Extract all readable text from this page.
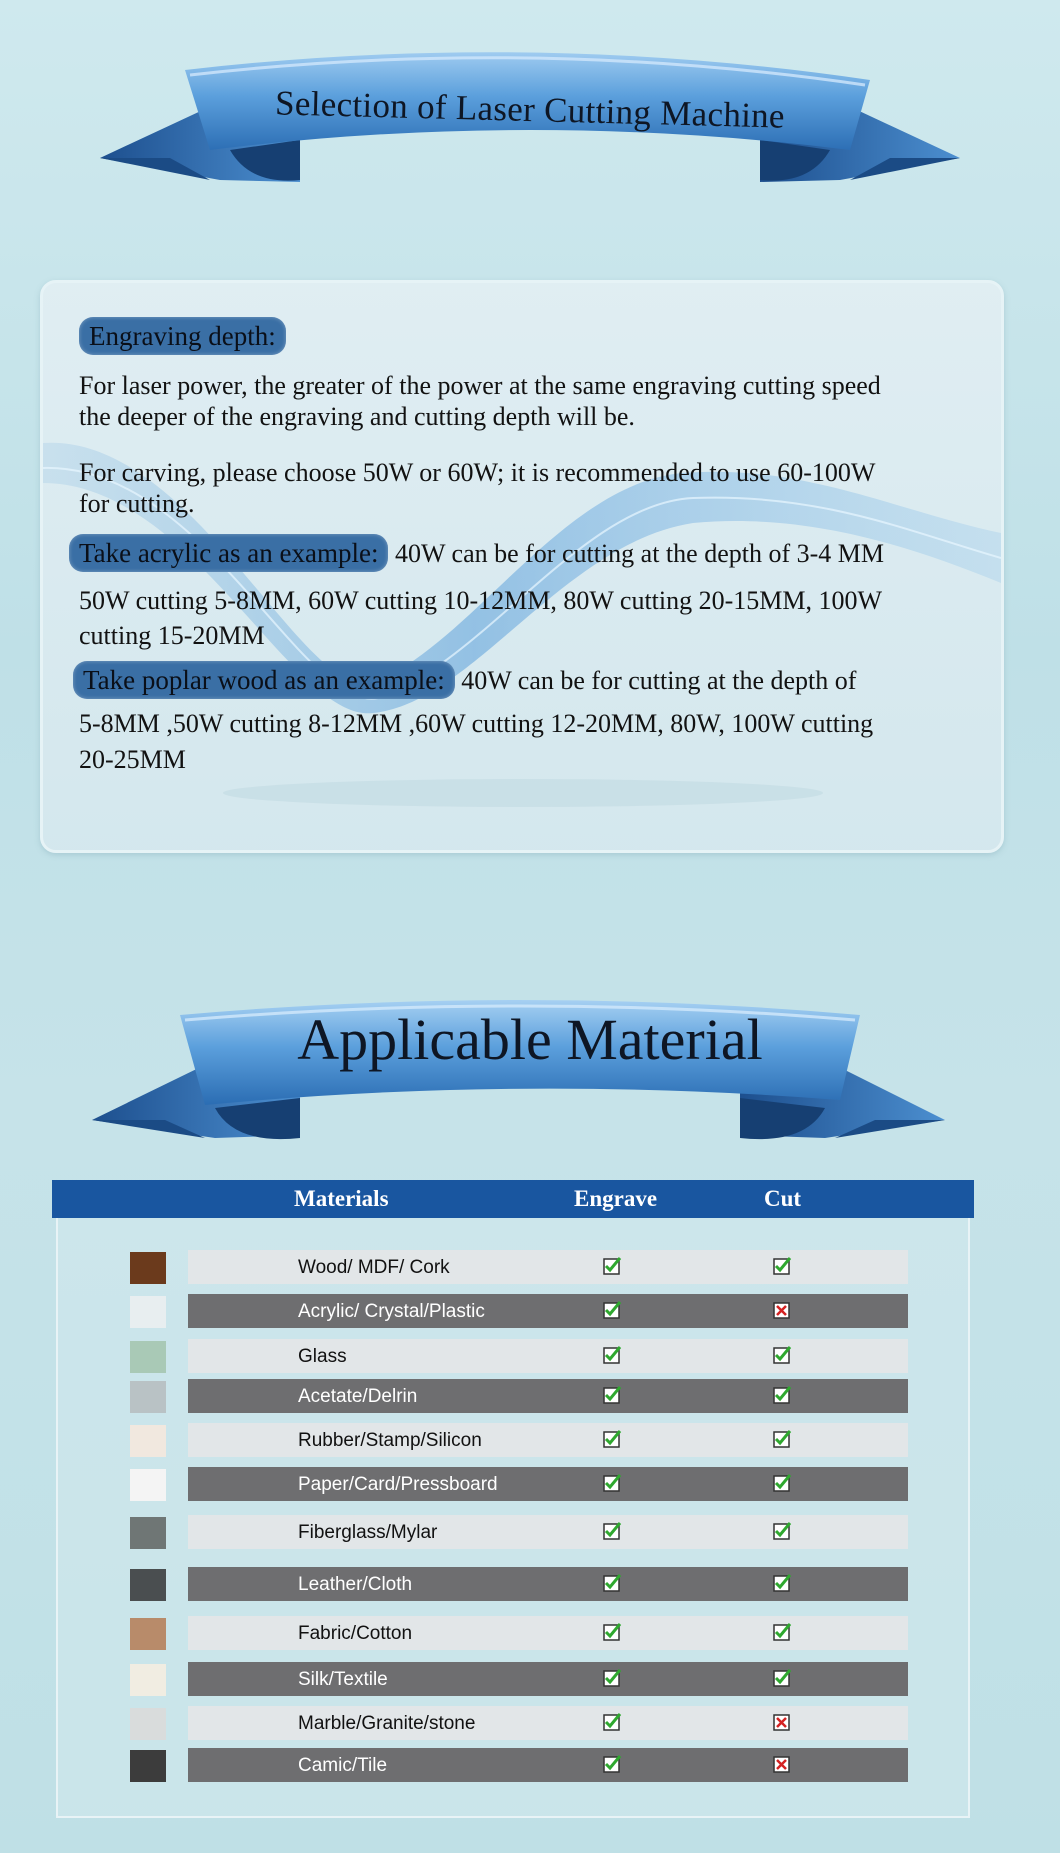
Selection of Laser Cutting Machine
Engraving depth:
For laser power, the greater of the power at the same engraving cutting speed
the deeper of the engraving and cutting depth will be.
For carving, please choose 50W or 60W; it is recommended to use 60-100W
for cutting.
Take acrylic as an example: 40W can be for cutting at the depth of 3-4 MM
50W cutting 5-8MM, 60W cutting 10-12MM, 80W cutting 20-15MM, 100W
cutting 15-20MM
Take poplar wood as an example: 40W can be for cutting at the depth of
5-8MM ,50W cutting 8-12MM ,60W cutting 12-20MM, 80W, 100W cutting
20-25MM
Applicable Material
Materials	Engrave	Cut
Wood/ MDF/ Cork
Acrylic/ Crystal/Plastic
Glass
Acetate/Delrin
Rubber/Stamp/Silicon
Paper/Card/Pressboard
Fiberglass/Mylar
Leather/Cloth
Fabric/Cotton
Silk/Textile
Marble/Granite/stone
Camic/Tile
